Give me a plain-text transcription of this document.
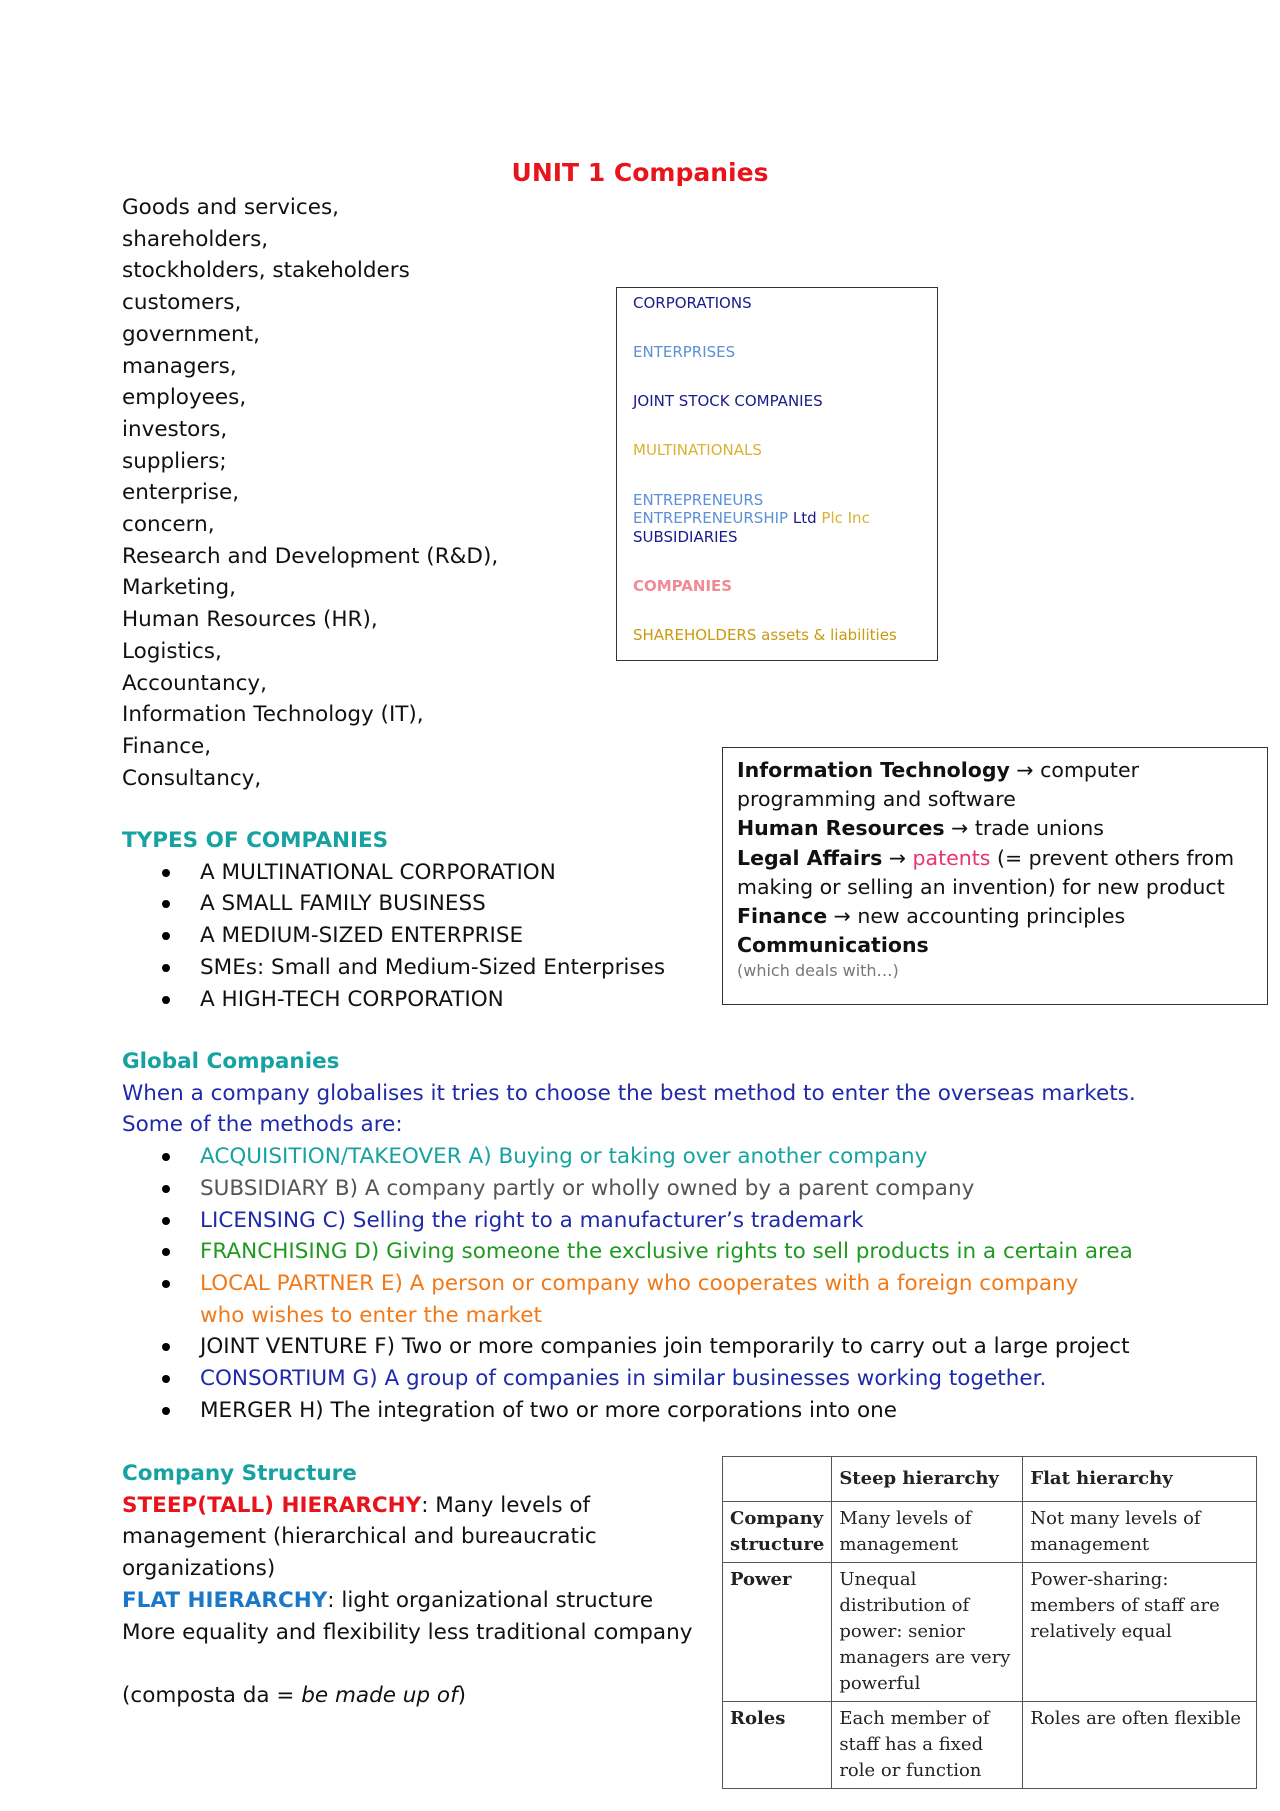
UNIT 1 Companies
Goods and services,
shareholders,
stockholders, stakeholders
customers,
government,
managers,
employees,
investors,
suppliers;
enterprise,
concern,
Research and Development (R&D),
Marketing,
Human Resources (HR),
Logistics,
Accountancy,
Information Technology (IT),
Finance,
Consultancy,
CORPORATIONS
ENTERPRISES
JOINT STOCK COMPANIES
MULTINATIONALS
ENTREPRENEURS
ENTREPRENEURSHIP Ltd Plc Inc
SUBSIDIARIES
COMPANIES
SHAREHOLDERS assets & liabilities
Information Technology → computer programming and software
Human Resources → trade unions
Legal Affairs → patents (= prevent others from making or selling an invention) for new product
Finance → new accounting principles
Communications
(which deals with…)
TYPES OF COMPANIES
A MULTINATIONAL CORPORATION
A SMALL FAMILY BUSINESS
A MEDIUM-SIZED ENTERPRISE
SMEs: Small and Medium-Sized Enterprises
A HIGH-TECH CORPORATION
Global Companies
When a company globalises it tries to choose the best method to enter the overseas markets. Some of the methods are:
ACQUISITION/TAKEOVER A) Buying or taking over another company
SUBSIDIARY B) A company partly or wholly owned by a parent company
LICENSING C) Selling the right to a manufacturer’s trademark
FRANCHISING D) Giving someone the exclusive rights to sell products in a certain area
LOCAL PARTNER E) A person or company who cooperates with a foreign company who wishes to enter the market
JOINT VENTURE F) Two or more companies join temporarily to carry out a large project
CONSORTIUM G) A group of companies in similar businesses working together.
MERGER H) The integration of two or more corporations into one
Company Structure
STEEP(TALL) HIERARCHY: Many levels of management (hierarchical and bureaucratic organizations)
FLAT HIERARCHY: light organizational structure
More equality and flexibility less traditional company
(composta da = be made up of)
	Steep hierarchy	Flat hierarchy
Company structure	Many levels of management	Not many levels of management
Power	Unequal distribution of power: senior managers are very powerful	Power-sharing: members of staff are relatively equal
Roles	Each member of staff has a fixed role or function	Roles are often flexible
